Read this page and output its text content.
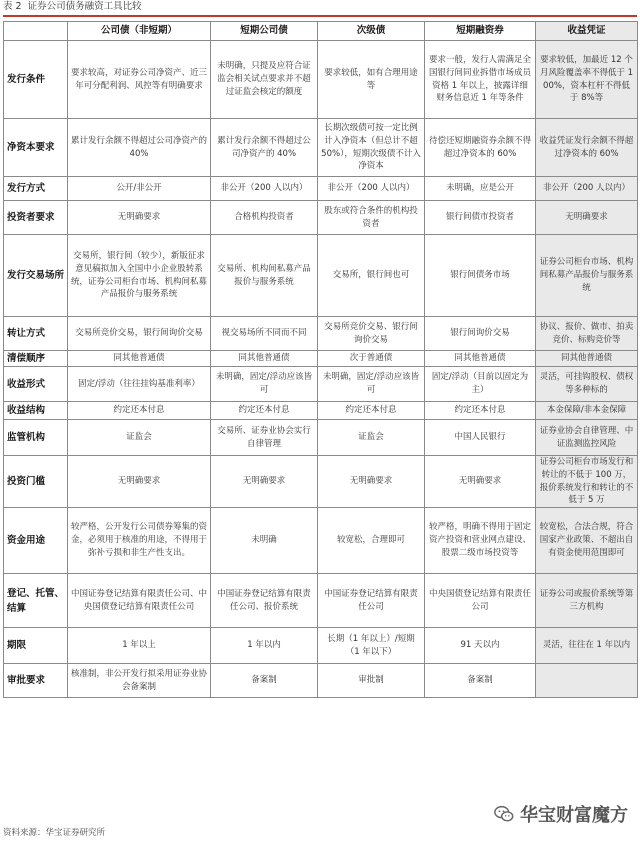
表 2 证券公司债务融资工具比较
	公司债（非短期）	短期公司债	次级债	短期融资券	收益凭证
发行条件	要求较高，对证券公司净资产、近三年可分配利润、风控等有明确要求	未明确，只提及应符合证监会相关试点要求并不超过证监会核定的额度	要求较低，如有合理用途等	要求一般，发行人需满足全国银行间同业拆借市场成员资格 1 年以上，披露详细财务信息近 1 年等条件	要求较低，加最近 12 个月风险覆盖率不得低于 100%，资本杠杆不得低于 8%等
净资本要求	累计发行余额不得超过公司净资产的 40%	累计发行余额不得超过公司净资产的 40%	长期次级债可按一定比例计入净资本（但总计不超 50%），短期次级债不计入净资本	待偿还短期融资券余额不得超过净资本的 60%	收益凭证发行余额不得超过净资本的 60%
发行方式	公开/非公开	非公开（200 人以内）	非公开（200 人以内）	未明确，应是公开	非公开（200 人以内）
投资者要求	无明确要求	合格机构投资者	股东或符合条件的机构投资者	银行间债市投资者	无明确要求
发行交易场所	交易所，银行间（较少），新版征求意见稿拟加入全国中小企业股转系统，证券公司柜台市场、机构间私募产品报价与服务系统	交易所、机构间私募产品报价与服务系统	交易所，银行间也可	银行间债务市场	证券公司柜台市场、机构间私募产品报价与服务系统
转让方式	交易所竞价交易，银行间询价交易	视交易场所不同而不同	交易所竞价交易、银行间询价交易	银行间询价交易	协议、报价、做市、拍卖竞价、标购竞价等
清偿顺序	同其他普通债	同其他普通债	次于普通债	同其他普通债	同其他普通债
收益形式	固定/浮动（往往挂钩基准利率）	未明确，固定/浮动应该皆可	未明确，固定/浮动应该皆可	固定/浮动（目前以固定为主）	灵活，可挂钩股权、债权等多种标的
收益结构	约定还本付息	约定还本付息	约定还本付息	约定还本付息	本金保障/非本金保障
监管机构	证监会	交易所、证券业协会实行自律管理	证监会	中国人民银行	证券业协会自律管理、中证监测监控风险
投资门槛	无明确要求	无明确要求	无明确要求	无明确要求	证券公司柜台市场发行和转让的不低于 100 万，报价系统发行和转让的不低于 5 万
资金用途	较严格，公开发行公司债券筹集的资金，必须用于核准的用途，不得用于弥补亏损和非生产性支出。	未明确	较宽松，合理即可	较严格，明确不得用于固定资产投资和营业网点建设、股票二级市场投资等	较宽松，合法合规，符合国家产业政策、不超出自有资金使用范围即可
登记、托管、结算	中国证券登记结算有限责任公司、中央国债登记结算有限责任公司	中国证券登记结算有限责任公司、报价系统	中国证券登记结算有限责任公司	中央国债登记结算有限责任公司	证券公司或报价系统等第三方机构
期限	1 年以上	1 年以内	长期（1 年以上）/短期（1 年以下）	91 天以内	灵活，往往在 1 年以内
审批要求	核准制，非公开发行拟采用证券业协会备案制	备案制	审批制	备案制	
资料来源：华宝证券研究所
华宝财富魔方
